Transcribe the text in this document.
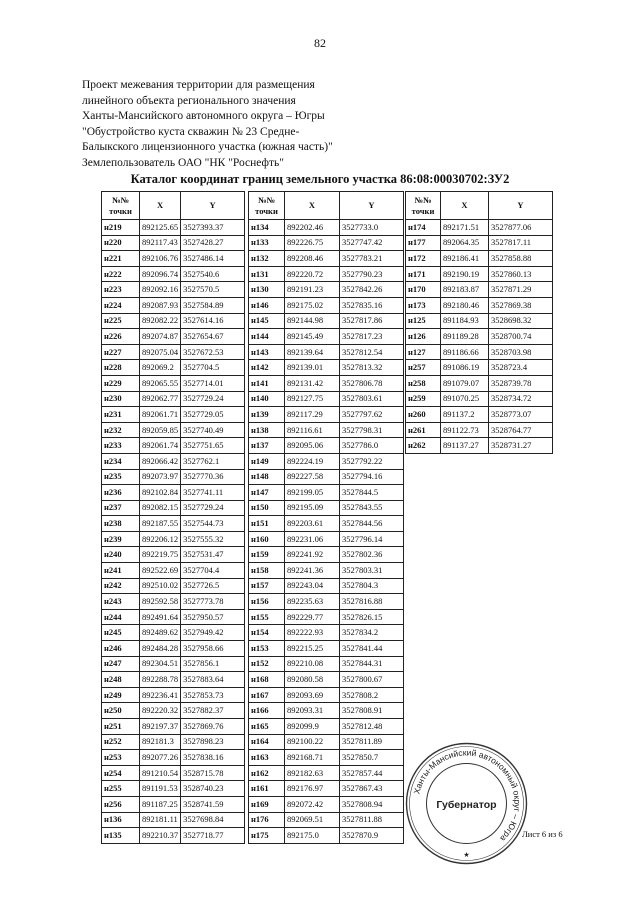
82
Проект межевания территории для размещения
линейного объекта регионального значения
Ханты-Мансийского автономного округа – Югры
"Обустройство куста скважин № 23 Средне-
Балыкского лицензионного участка (южная часть)"
Землепользователь ОАО "НК "Роснефть"
Каталог координат границ земельного участка 86:08:00030702:ЗУ2
№№
точки	X	Y
н219	892125.65	3527393.37
н220	892117.43	3527428.27
н221	892106.76	3527486.14
н222	892096.74	3527540.6
н223	892092.16	3527570.5
н224	892087.93	3527584.89
н225	892082.22	3527614.16
н226	892074.87	3527654.67
н227	892075.04	3527672.53
н228	892069.2	3527704.5
н229	892065.55	3527714.01
н230	892062.77	3527729.24
н231	892061.71	3527729.05
н232	892059.85	3527740.49
н233	892061.74	3527751.65
н234	892066.42	3527762.1
н235	892073.97	3527770.36
н236	892102.84	3527741.11
н237	892082.15	3527729.24
н238	892187.55	3527544.73
н239	892206.12	3527555.32
н240	892219.75	3527531.47
н241	892522.69	3527704.4
н242	892510.02	3527726.5
н243	892592.58	3527773.78
н244	892491.64	3527950.57
н245	892489.62	3527949.42
н246	892484.28	3527958.66
н247	892304.51	3527856.1
н248	892288.78	3527883.64
н249	892236.41	3527853.73
н250	892220.32	3527882.37
н251	892197.37	3527869.76
н252	892181.3	3527898.23
н253	892077.26	3527838.16
н254	891210.54	3528715.78
н255	891191.53	3528740.23
н256	891187.25	3528741.59
н136	892181.11	3527698.84
н135	892210.37	3527718.77
№№
точки	X	Y
н134	892202.46	3527733.0
н133	892226.75	3527747.42
н132	892208.46	3527783.21
н131	892220.72	3527790.23
н130	892191.23	3527842.26
н146	892175.02	3527835.16
н145	892144.98	3527817.86
н144	892145.49	3527817.23
н143	892139.64	3527812.54
н142	892139.01	3527813.32
н141	892131.42	3527806.78
н140	892127.75	3527803.61
н139	892117.29	3527797.62
н138	892116.61	3527798.31
н137	892095.06	3527786.0
н149	892224.19	3527792.22
н148	892227.58	3527794.16
н147	892199.05	3527844.5
н150	892195.09	3527843.55
н151	892203.61	3527844.56
н160	892231.06	3527796.14
н159	892241.92	3527802.36
н158	892241.36	3527803.31
н157	892243.04	3527804.3
н156	892235.63	3527816.88
н155	892229.77	3527826.15
н154	892222.93	3527834.2
н153	892215.25	3527841.44
н152	892210.08	3527844.31
н168	892080.58	3527800.67
н167	892093.69	3527808.2
н166	892093.31	3527808.91
н165	892099.9	3527812.48
н164	892100.22	3527811.89
н163	892168.71	3527850.7
н162	892182.63	3527857.44
н161	892176.97	3527867.43
н169	892072.42	3527808.94
н176	892069.51	3527811.88
н175	892175.0	3527870.9
№№
точки	X	Y
н174	892171.51	3527877.06
н177	892064.35	3527817.11
н172	892186.41	3527858.88
н171	892190.19	3527860.13
н170	892183.87	3527871.29
н173	892180.46	3527869.38
н125	891184.93	3528698.32
н126	891189.28	3528700.74
н127	891186.66	3528703.98
н257	891086.19	3528723.4
н258	891079.07	3528739.78
н259	891070.25	3528734.72
н260	891137.2	3528773.07
н261	891122.73	3528764.77
н262	891137.27	3528731.27
Ханты-Мансийский автономный округ – Югра
Губернатор
★
Лист 6 из 6
